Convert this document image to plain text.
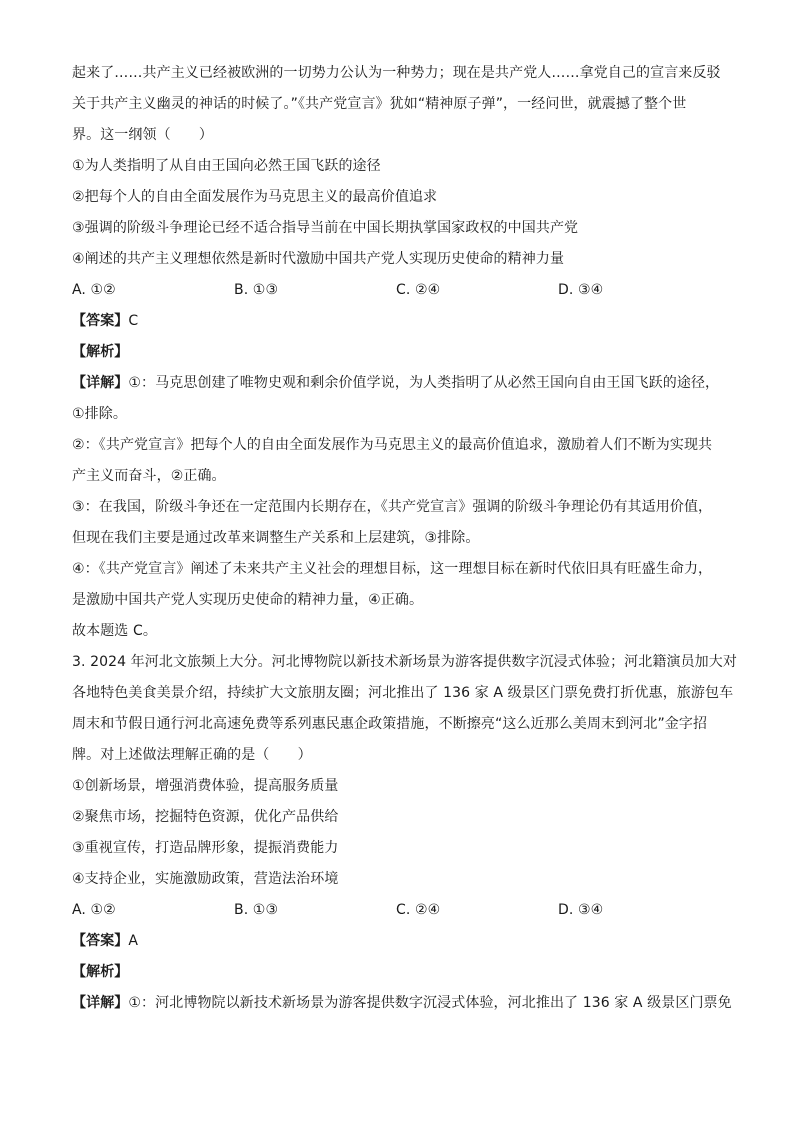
起来了……共产主义已经被欧洲的一切势力公认为一种势力；现在是共产党人……拿党自己的宣言来反驳
关于共产主义幽灵的神话的时候了。”《共产党宣言》犹如“精神原子弹”，一经问世，就震撼了整个世
界。这一纲领（　　）
①为人类指明了从自由王国向必然王国飞跃的途径
②把每个人的自由全面发展作为马克思主义的最高价值追求
③强调的阶级斗争理论已经不适合指导当前在中国长期执掌国家政权的中国共产党
④阐述的共产主义理想依然是新时代激励中国共产党人实现历史使命的精神力量
A. ①②	B. ①③	C. ②④	D. ③④
【答案】C
【解析】
【详解】①：马克思创建了唯物史观和剩余价值学说，为人类指明了从必然王国向自由王国飞跃的途径，
①排除。
②：《共产党宣言》把每个人的自由全面发展作为马克思主义的最高价值追求，激励着人们不断为实现共
产主义而奋斗，②正确。
③：在我国，阶级斗争还在一定范围内长期存在，《共产党宣言》强调的阶级斗争理论仍有其适用价值，
但现在我们主要是通过改革来调整生产关系和上层建筑，③排除。
④：《共产党宣言》阐述了未来共产主义社会的理想目标，这一理想目标在新时代依旧具有旺盛生命力，
是激励中国共产党人实现历史使命的精神力量，④正确。
故本题选 C。
3. 2024 年河北文旅频上大分。河北博物院以新技术新场景为游客提供数字沉浸式体验；河北籍演员加大对
各地特色美食美景介绍，持续扩大文旅朋友圈；河北推出了 136 家 A 级景区门票免费打折优惠，旅游包车
周末和节假日通行河北高速免费等系列惠民惠企政策措施，不断擦亮“这么近那么美周末到河北”金字招
牌。对上述做法理解正确的是（　　）
①创新场景，增强消费体验，提高服务质量
②聚焦市场，挖掘特色资源，优化产品供给
③重视宣传，打造品牌形象，提振消费能力
④支持企业，实施激励政策，营造法治环境
A. ①②	B. ①③	C. ②④	D. ③④
【答案】A
【解析】
【详解】①：河北博物院以新技术新场景为游客提供数字沉浸式体验，河北推出了 136 家 A 级景区门票免
